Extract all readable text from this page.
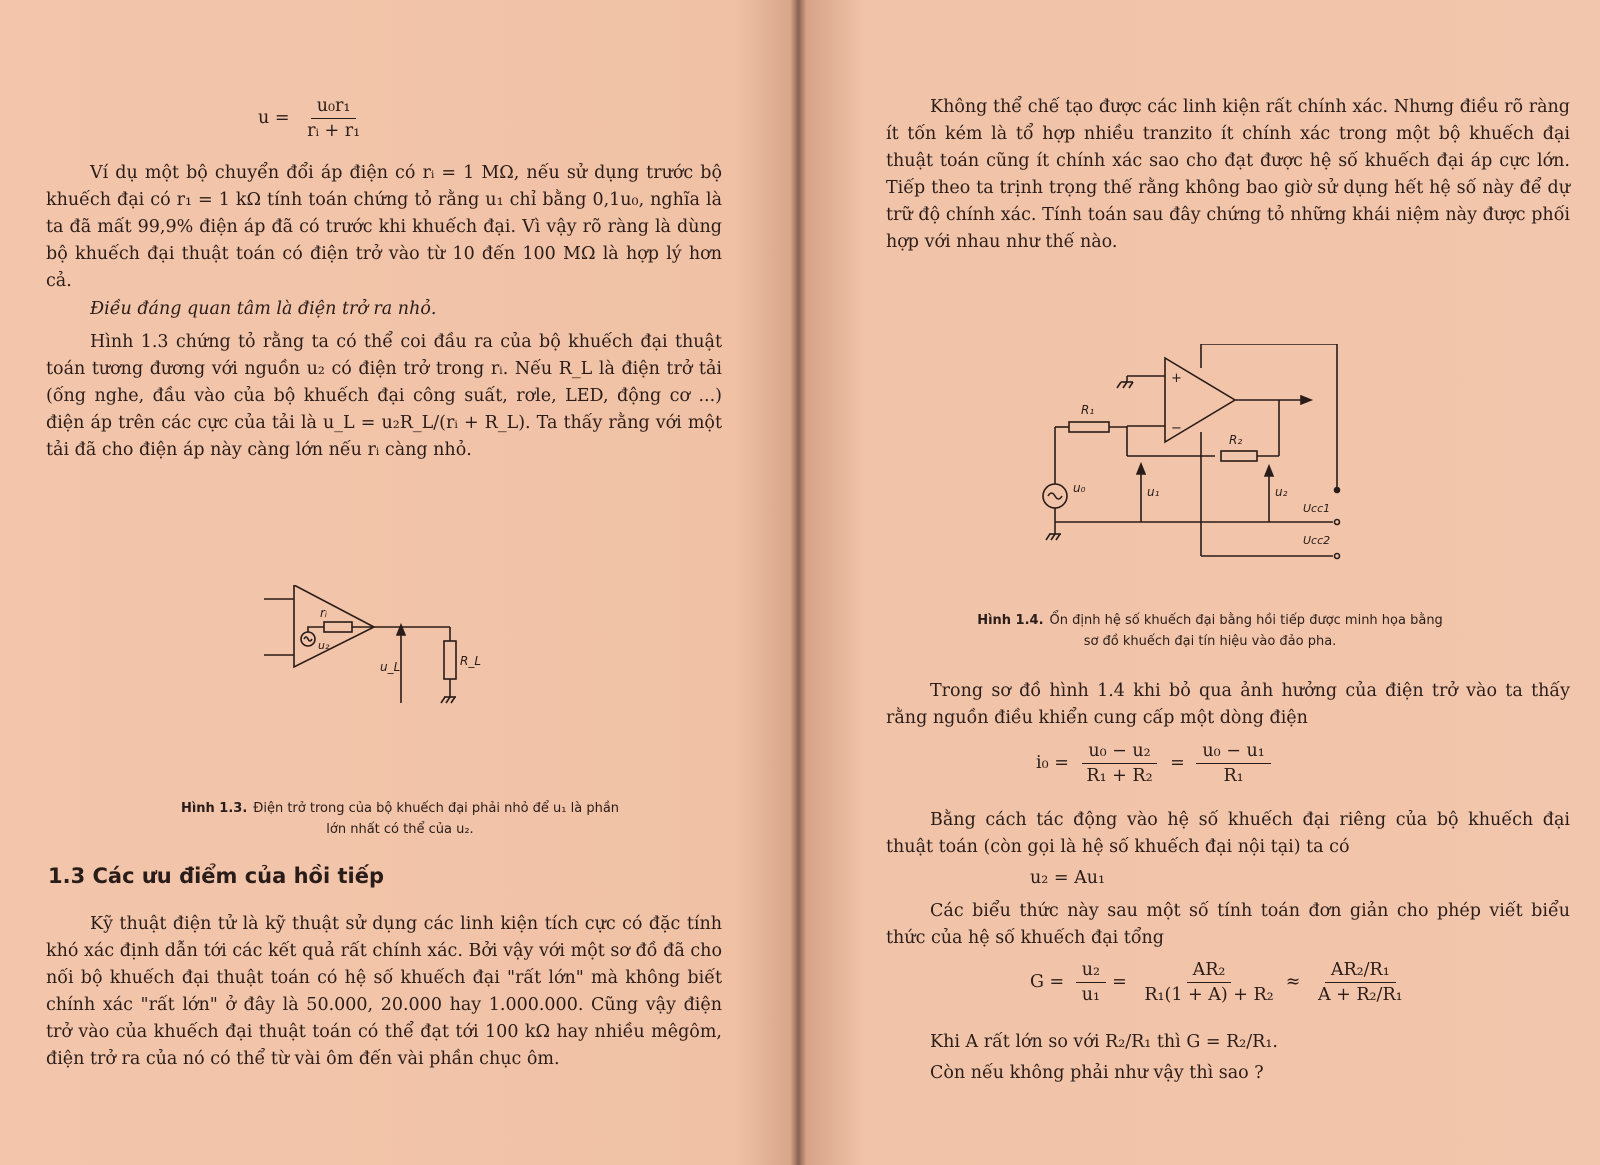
$u = \frac{\text{u₀r₁}}{\text{rᵢ + r₁}}$
Ví dụ một bộ chuyển đổi áp điện có rᵢ = 1 MΩ, nếu sử dụng trước bộ khuếch đại có r₁ = 1 kΩ tính toán chứng tỏ rằng u₁ chỉ bằng 0,1u₀, nghĩa là ta đã mất 99,9% điện áp đã có trước khi khuếch đại. Vì vậy rõ ràng là dùng bộ khuếch đại thuật toán có điện trở vào từ 10 đến 100 MΩ là hợp lý hơn cả.
Điều đáng quan tâm là điện trở ra nhỏ.
Hình 1.3 chứng tỏ rằng ta có thể coi đầu ra của bộ khuếch đại thuật toán tương đương với nguồn u₂ có điện trở trong rᵢ. Nếu R_L là điện trở tải (ống nghe, đầu vào của bộ khuếch đại công suất, rơle, LED, động cơ ...) điện áp trên các cực của tải là u_L = u₂R_L/(rᵢ + R_L). Ta thấy rằng với một tải đã cho điện áp này càng lớn nếu rᵢ càng nhỏ.
rᵢ
u₂
u_L	R_L
Hình 1.3. Điện trở trong của bộ khuếch đại phải nhỏ để u₁ là phần
lớn nhất có thể của u₂.
1.3 Các ưu điểm của hồi tiếp
Kỹ thuật điện tử là kỹ thuật sử dụng các linh kiện tích cực có đặc tính khó xác định dẫn tới các kết quả rất chính xác. Bởi vậy với một sơ đồ đã cho nối bộ khuếch đại thuật toán có hệ số khuếch đại "rất lớn" mà không biết chính xác "rất lớn" ở đây là 50.000, 20.000 hay 1.000.000. Cũng vậy điện trở vào của khuếch đại thuật toán có thể đạt tới 100 kΩ hay nhiều mêgôm, điện trở ra của nó có thể từ vài ôm đến vài phần chục ôm.
Không thể chế tạo được các linh kiện rất chính xác. Nhưng điều rõ ràng ít tốn kém là tổ hợp nhiều tranzito ít chính xác trong một bộ khuếch đại thuật toán cũng ít chính xác sao cho đạt được hệ số khuếch đại áp cực lớn. Tiếp theo ta trịnh trọng thế rằng không bao giờ sử dụng hết hệ số này để dự trữ độ chính xác. Tính toán sau đây chứng tỏ những khái niệm này được phối hợp với nhau như thế nào.
+
−
R₁
R₂
u₀	u₁	u₂
Ucc1
Ucc2
Hình 1.4. Ổn định hệ số khuếch đại bằng hồi tiếp được minh họa bằng
sơ đồ khuếch đại tín hiệu vào đảo pha.
Trong sơ đồ hình 1.4 khi bỏ qua ảnh hưởng của điện trở vào ta thấy rằng nguồn điều khiển cung cấp một dòng điện
$i_0 = \frac{\text{u₀ − u₂}}{\text{R₁ + R₂}} = \frac{\text{u₀ − u₁}}{\text{R₁}}$
Bằng cách tác động vào hệ số khuếch đại riêng của bộ khuếch đại thuật toán (còn gọi là hệ số khuếch đại nội tại) ta có
u₂ = Au₁
Các biểu thức này sau một số tính toán đơn giản cho phép viết biểu thức của hệ số khuếch đại tổng
$G = \frac{\text{u₂}}{\text{u₁}} = \frac{\text{AR₂}}{\text{R₁(1 + A) + R₂}} \approx \frac{\text{AR₂/R₁}}{\text{A + R₂/R₁}}$
Khi A rất lớn so với R₂/R₁ thì G = R₂/R₁.
Còn nếu không phải như vậy thì sao ?
